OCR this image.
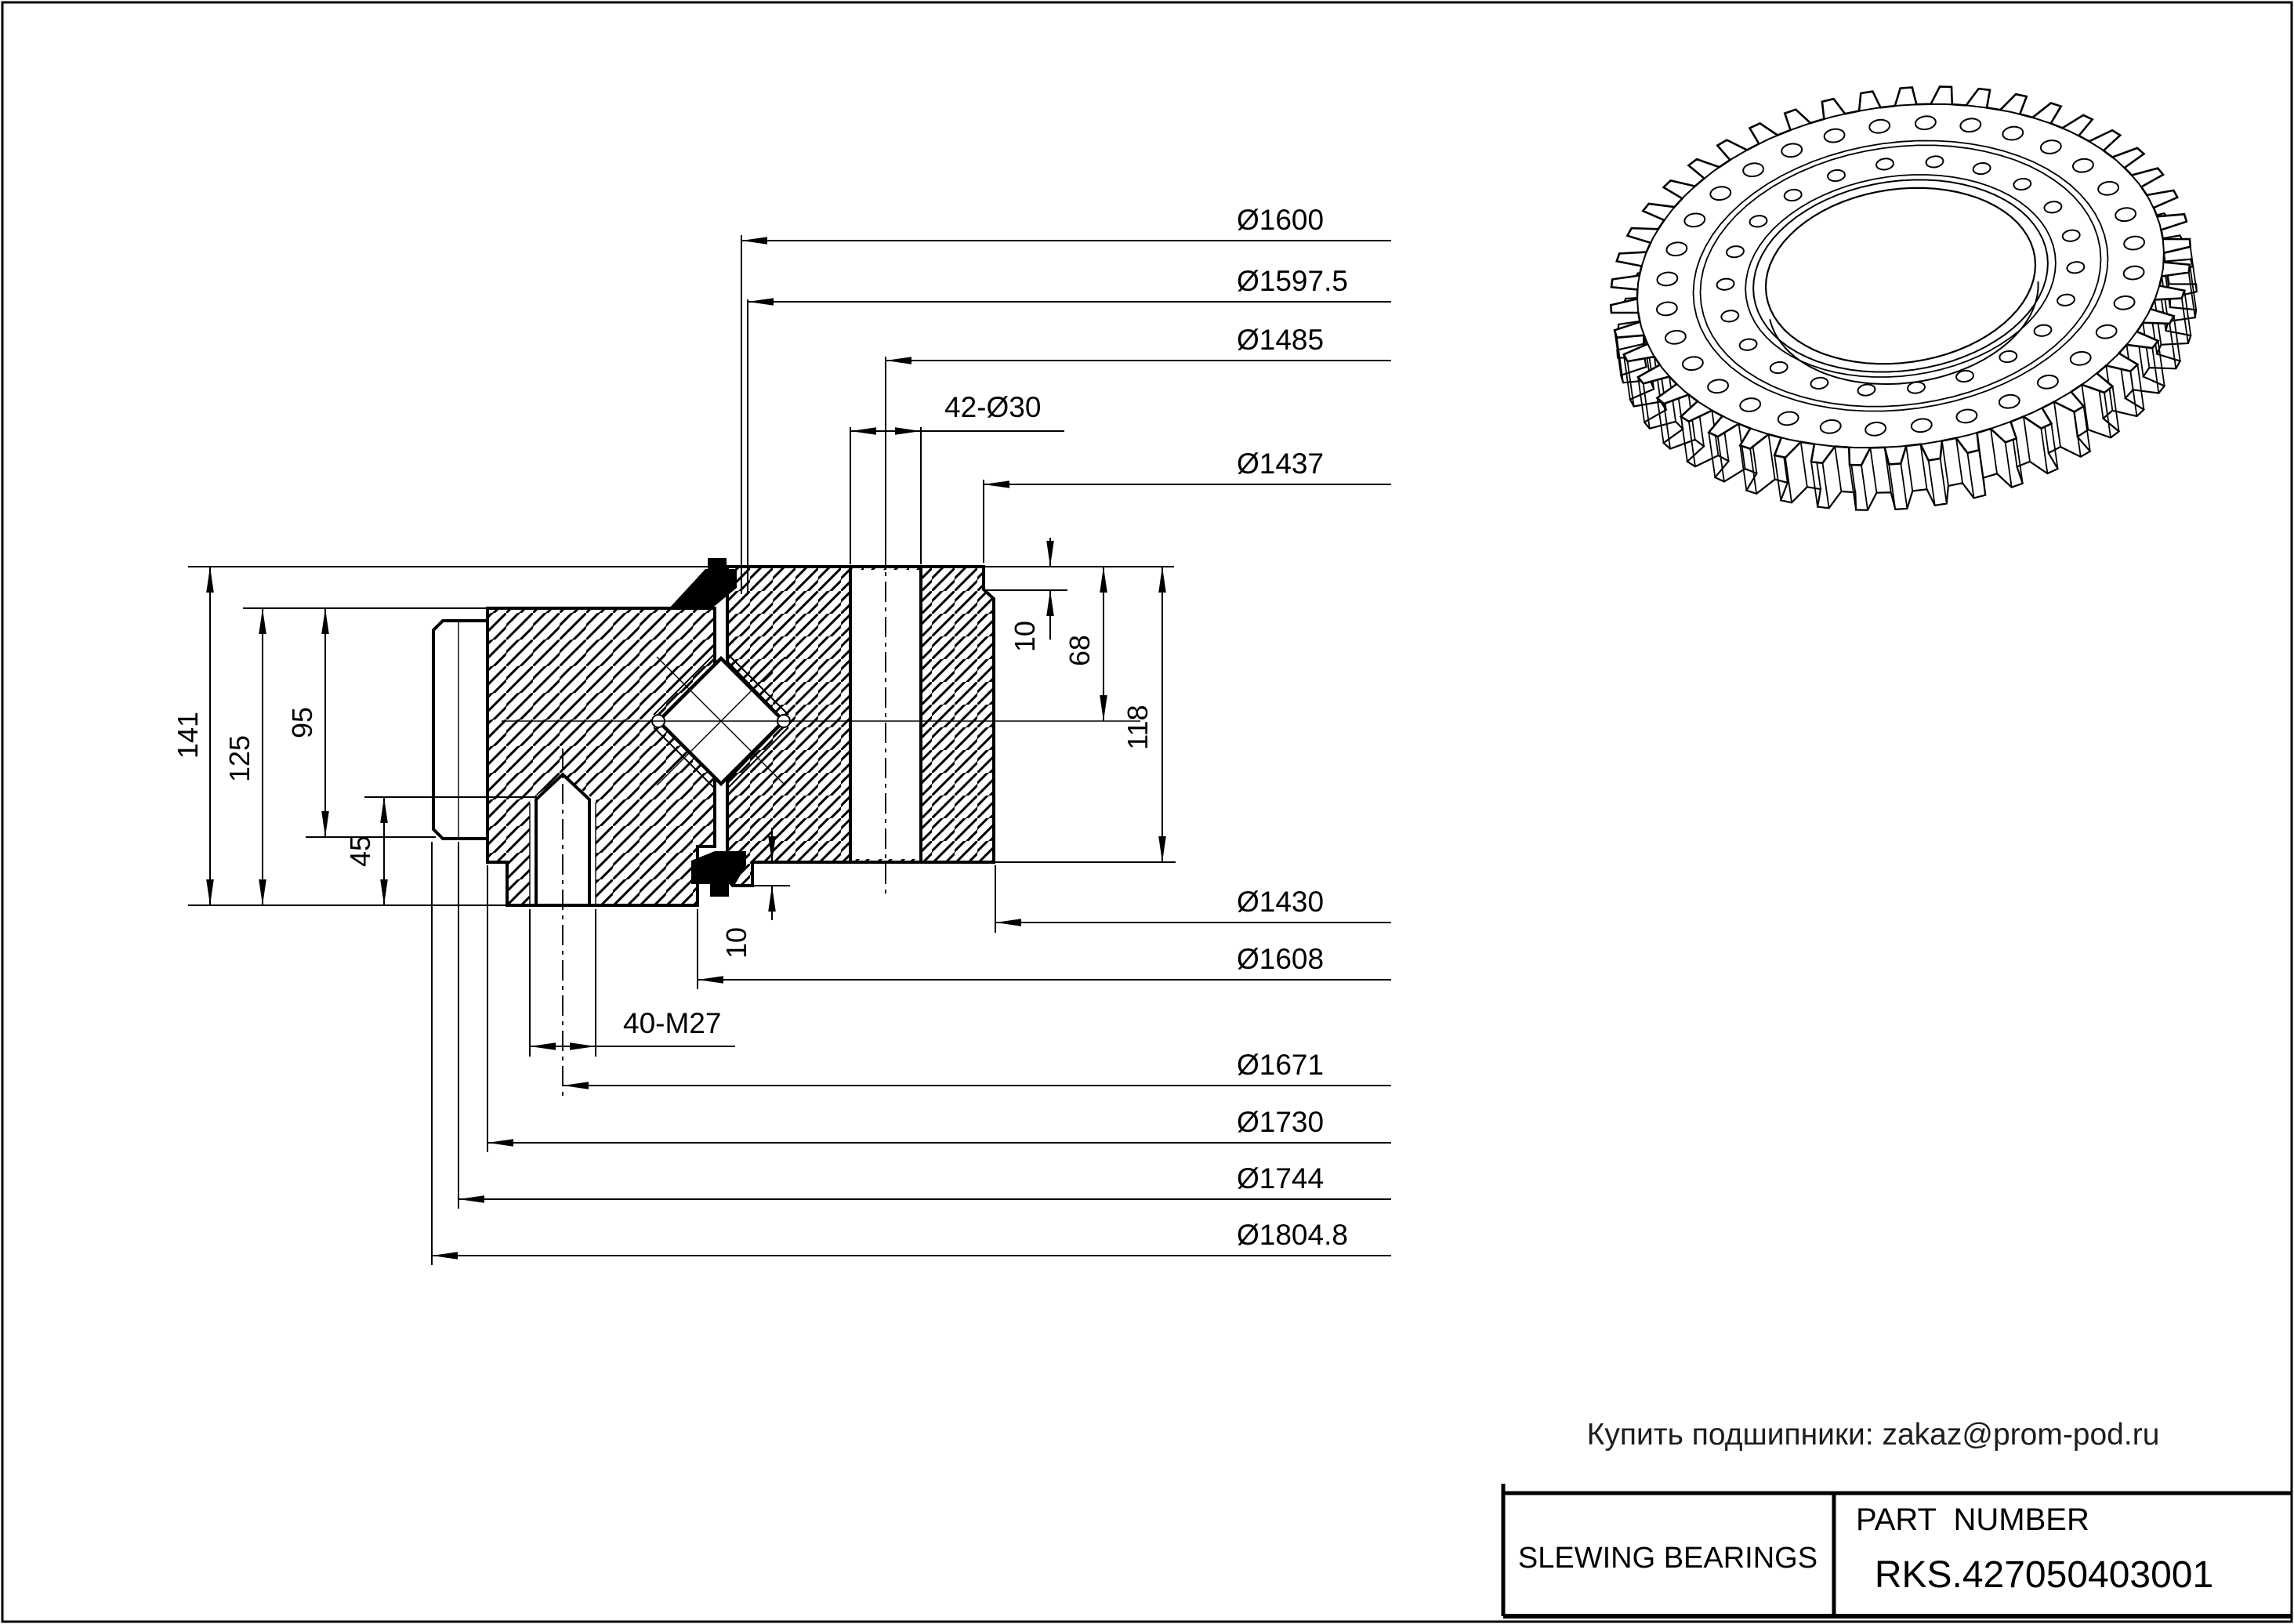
Ø1600
Ø1597.5
Ø1485
42-Ø30
Ø1437
Ø1430
Ø1608
40-M27
Ø1671
Ø1730
Ø1744
Ø1804.8
141 125
95
45
10 68
118
10
Купить подшипники: zakaz@prom-pod.ru
SLEWING BEARINGS
PART  NUMBER
RKS.427050403001
